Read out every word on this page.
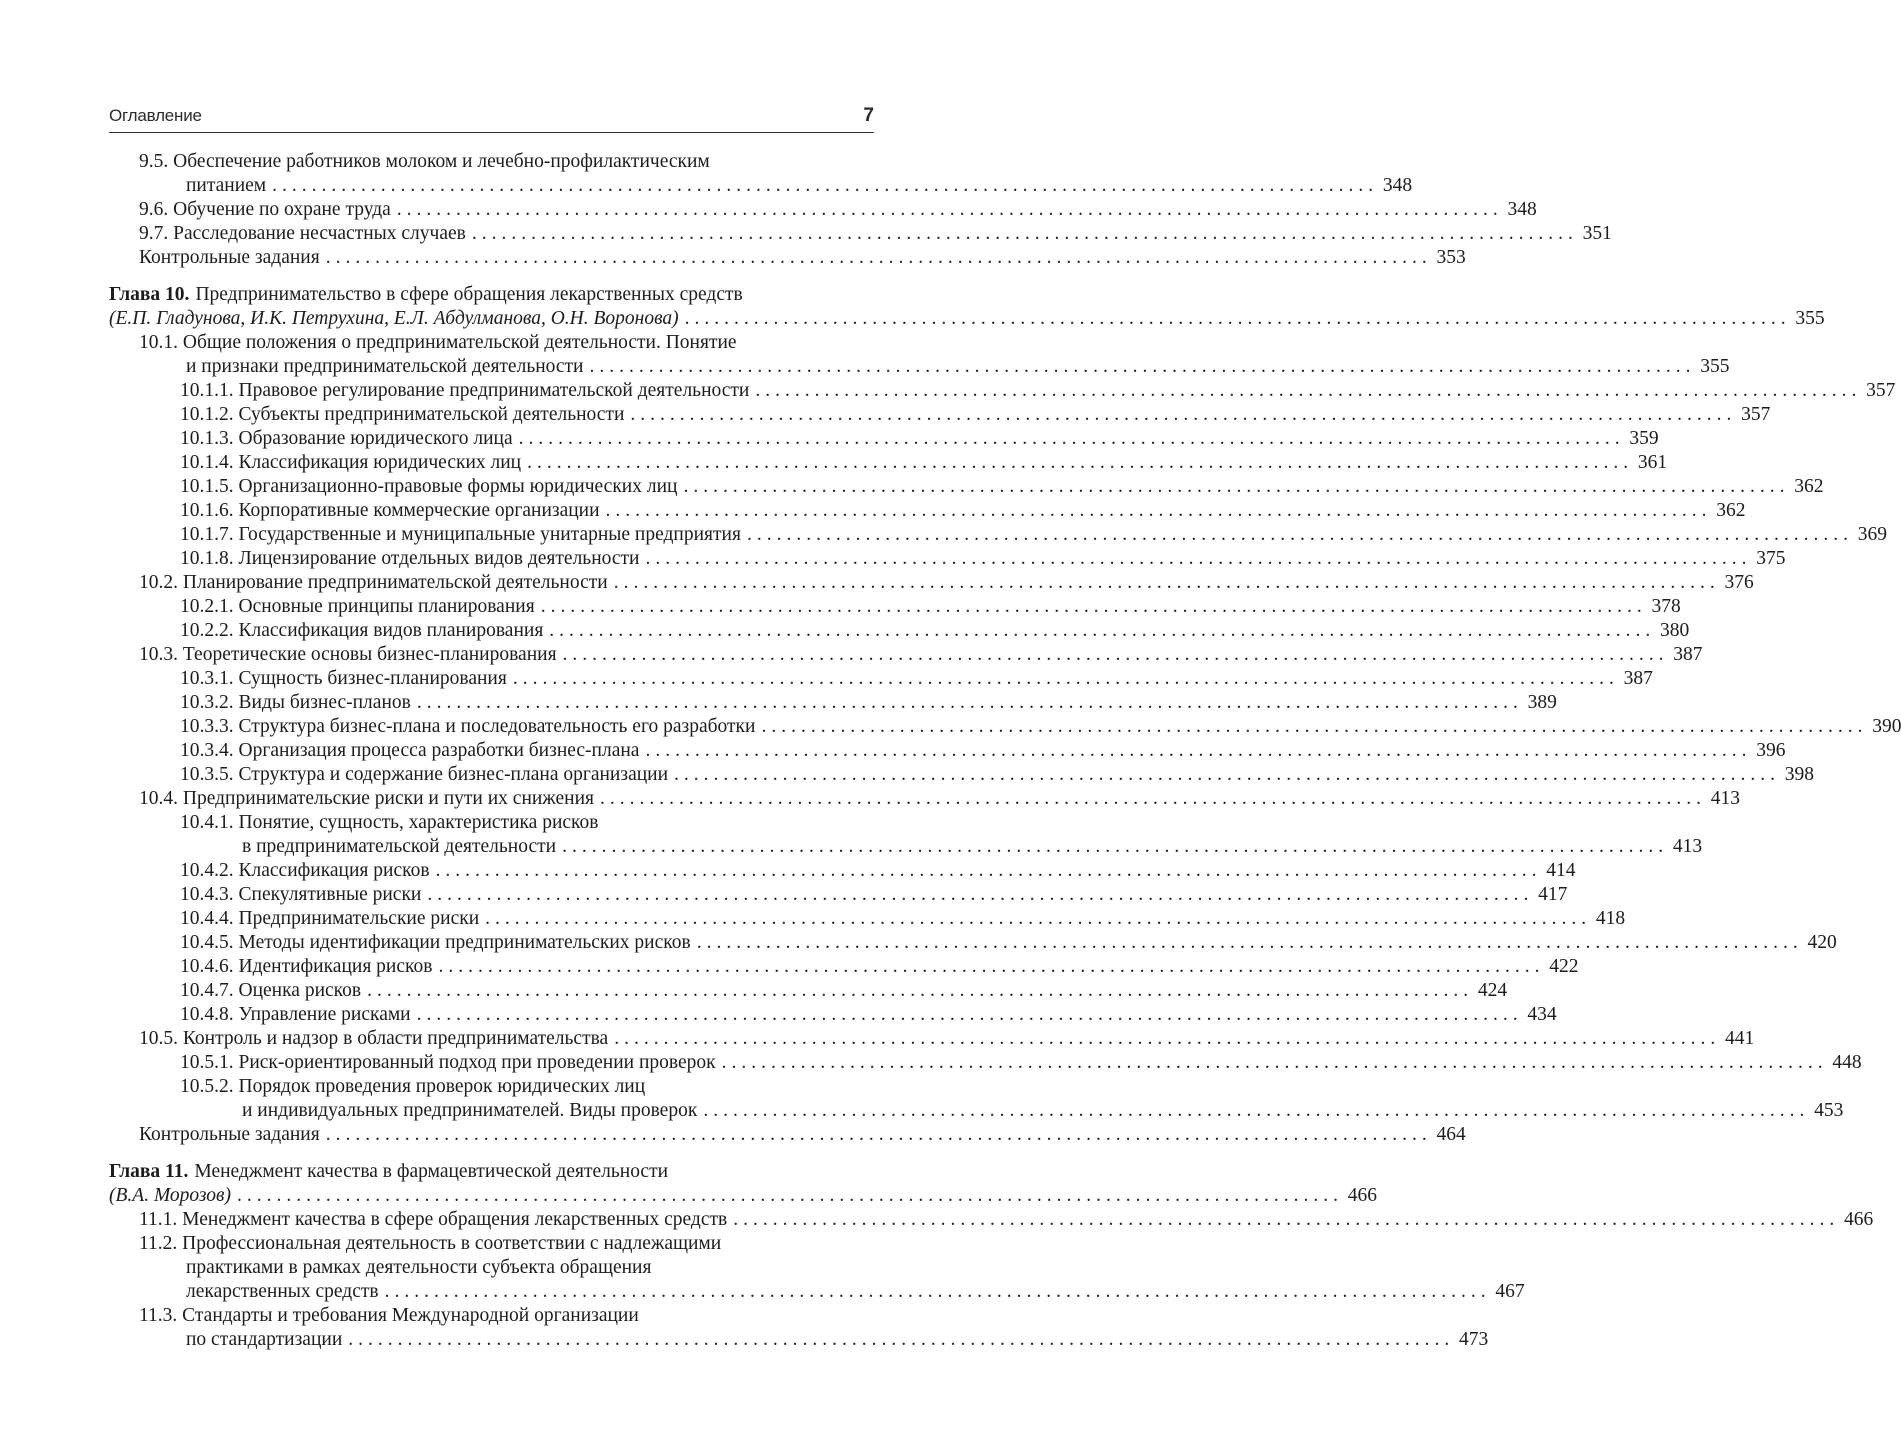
Оглавление	7
9.5. Обеспечение работников молоком и лечебно-профилактическим
питанием ................................................................................................................ 348
9.6. Обучение по охране труда ................................................................................................................ 348
9.7. Расследование несчастных случаев ................................................................................................................ 351
Контрольные задания ................................................................................................................ 353
Глава 10. Предпринимательство в сфере обращения лекарственных средств
(Е.П. Гладунова, И.К. Петрухина, Е.Л. Абдулманова, О.Н. Воронова) ................................................................................................................ 355
10.1. Общие положения о предпринимательской деятельности. Понятие
и признаки предпринимательской деятельности ................................................................................................................ 355
10.1.1. Правовое регулирование предпринимательской деятельности ................................................................................................................ 357
10.1.2. Субъекты предпринимательской деятельности ................................................................................................................ 357
10.1.3. Образование юридического лица ................................................................................................................ 359
10.1.4. Классификация юридических лиц ................................................................................................................ 361
10.1.5. Организационно-правовые формы юридических лиц ................................................................................................................ 362
10.1.6. Корпоративные коммерческие организации ................................................................................................................ 362
10.1.7. Государственные и муниципальные унитарные предприятия ................................................................................................................ 369
10.1.8. Лицензирование отдельных видов деятельности ................................................................................................................ 375
10.2. Планирование предпринимательской деятельности ................................................................................................................ 376
10.2.1. Основные принципы планирования ................................................................................................................ 378
10.2.2. Классификация видов планирования ................................................................................................................ 380
10.3. Теоретические основы бизнес-планирования ................................................................................................................ 387
10.3.1. Сущность бизнес-планирования ................................................................................................................ 387
10.3.2. Виды бизнес-планов ................................................................................................................ 389
10.3.3. Структура бизнес-плана и последовательность его разработки ................................................................................................................ 390
10.3.4. Организация процесса разработки бизнес-плана ................................................................................................................ 396
10.3.5. Структура и содержание бизнес-плана организации ................................................................................................................ 398
10.4. Предпринимательские риски и пути их снижения ................................................................................................................ 413
10.4.1. Понятие, сущность, характеристика рисков
в предпринимательской деятельности ................................................................................................................ 413
10.4.2. Классификация рисков ................................................................................................................ 414
10.4.3. Спекулятивные риски ................................................................................................................ 417
10.4.4. Предпринимательские риски ................................................................................................................ 418
10.4.5. Методы идентификации предпринимательских рисков ................................................................................................................ 420
10.4.6. Идентификация рисков ................................................................................................................ 422
10.4.7. Оценка рисков ................................................................................................................ 424
10.4.8. Управление рисками ................................................................................................................ 434
10.5. Контроль и надзор в области предпринимательства ................................................................................................................ 441
10.5.1. Риск-ориентированный подход при проведении проверок ................................................................................................................ 448
10.5.2. Порядок проведения проверок юридических лиц
и индивидуальных предпринимателей. Виды проверок ................................................................................................................ 453
Контрольные задания ................................................................................................................ 464
Глава 11. Менеджмент качества в фармацевтической деятельности
(В.А. Морозов) ................................................................................................................ 466
11.1. Менеджмент качества в сфере обращения лекарственных средств ................................................................................................................ 466
11.2. Профессиональная деятельность в соответствии с надлежащими
практиками в рамках деятельности субъекта обращения
лекарственных средств ................................................................................................................ 467
11.3. Стандарты и требования Международной организации
по стандартизации ................................................................................................................ 473
